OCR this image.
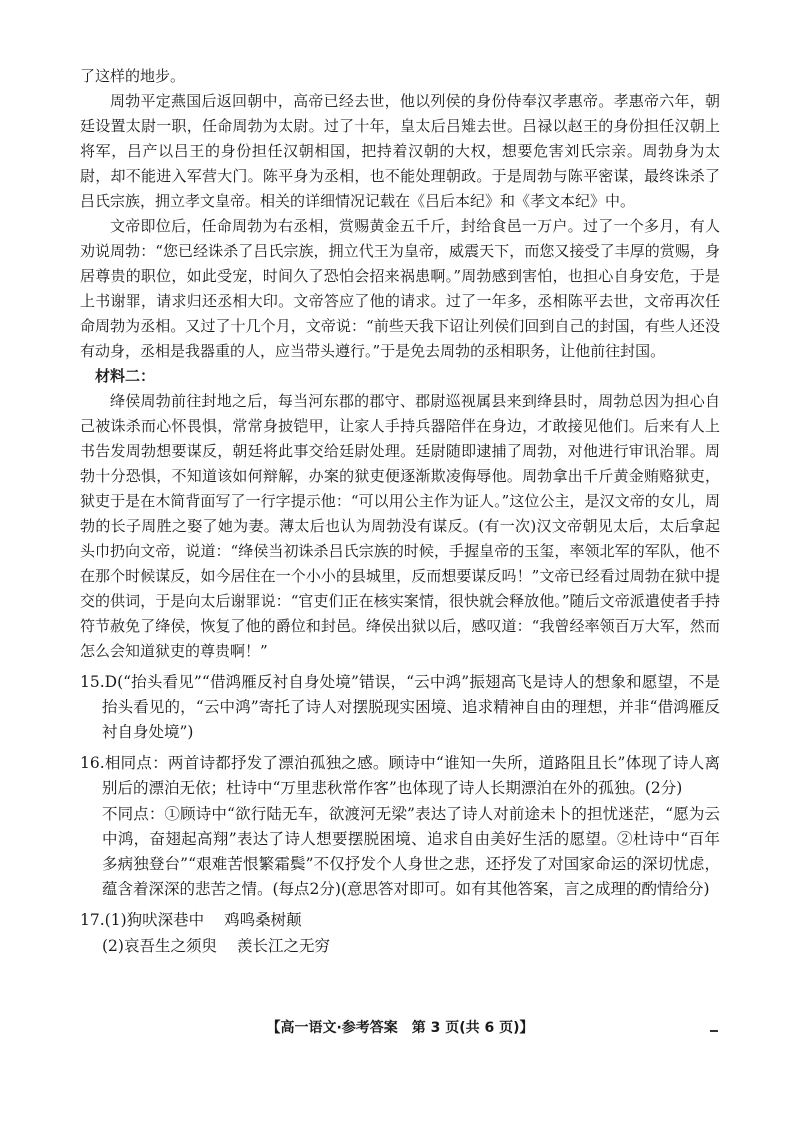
了这样的地步。

周勃平定燕国后返回朝中，高帝已经去世，他以列侯的身份侍奉汉孝惠帝。孝惠帝六年，朝廷设置太尉一职，任命周勃为太尉。过了十年，皇太后吕雉去世。吕禄以赵王的身份担任汉朝上将军，吕产以吕王的身份担任汉朝相国，把持着汉朝的大权，想要危害刘氏宗亲。周勃身为太尉，却不能进入军营大门。陈平身为丞相，也不能处理朝政。于是周勃与陈平密谋，最终诛杀了吕氏宗族，拥立孝文皇帝。相关的详细情况记载在《吕后本纪》和《孝文本纪》中。

文帝即位后，任命周勃为右丞相，赏赐黄金五千斤，封给食邑一万户。过了一个多月，有人劝说周勃：“您已经诛杀了吕氏宗族，拥立代王为皇帝，威震天下，而您又接受了丰厚的赏赐，身居尊贵的职位，如此受宠，时间久了恐怕会招来祸患啊。”周勃感到害怕，也担心自身安危，于是上书谢罪，请求归还丞相大印。文帝答应了他的请求。过了一年多，丞相陈平去世，文帝再次任命周勃为丞相。又过了十几个月，文帝说：“前些天我下诏让列侯们回到自己的封国，有些人还没有动身，丞相是我器重的人，应当带头遵行。”于是免去周勃的丞相职务，让他前往封国。

材料二：

绛侯周勃前往封地之后，每当河东郡的郡守、郡尉巡视属县来到绛县时，周勃总因为担心自己被诛杀而心怀畏惧，常常身披铠甲，让家人手持兵器陪伴在身边，才敢接见他们。后来有人上书告发周勃想要谋反，朝廷将此事交给廷尉处理。廷尉随即逮捕了周勃，对他进行审讯治罪。周勃十分恐惧，不知道该如何辩解，办案的狱吏便逐渐欺凌侮辱他。周勃拿出千斤黄金贿赂狱吏，狱吏于是在木简背面写了一行字提示他：“可以用公主作为证人。”这位公主，是汉文帝的女儿，周勃的长子周胜之娶了她为妻。薄太后也认为周勃没有谋反。(有一次)汉文帝朝见太后，太后拿起头巾扔向文帝，说道：“绛侯当初诛杀吕氏宗族的时候，手握皇帝的玉玺，率领北军的军队，他不在那个时候谋反，如今居住在一个小小的县城里，反而想要谋反吗！”文帝已经看过周勃在狱中提交的供词，于是向太后谢罪说：“官吏们正在核实案情，很快就会释放他。”随后文帝派遣使者手持符节赦免了绛侯，恢复了他的爵位和封邑。绛侯出狱以后，感叹道：“我曾经率领百万大军，然而怎么会知道狱吏的尊贵啊！”

15.D(“抬头看见”“借鸿雁反衬自身处境”错误，“云中鸿”振翅高飞是诗人的想象和愿望，不是抬头看见的，“云中鸿”寄托了诗人对摆脱现实困境、追求精神自由的理想，并非“借鸿雁反衬自身处境”)

16.相同点：两首诗都抒发了漂泊孤独之感。顾诗中“谁知一失所，道路阻且长”体现了诗人离别后的漂泊无依；杜诗中“万里悲秋常作客”也体现了诗人长期漂泊在外的孤独。(2分)

不同点：①顾诗中“欲行陆无车，欲渡河无梁”表达了诗人对前途未卜的担忧迷茫，“愿为云中鸿，奋翅起高翔”表达了诗人想要摆脱困境、追求自由美好生活的愿望。②杜诗中“百年多病独登台”“艰难苦恨繁霜鬓”不仅抒发个人身世之悲，还抒发了对国家命运的深切忧虑，蕴含着深深的悲苦之情。(每点2分)(意思答对即可。如有其他答案，言之成理的酌情给分)

17.(1)狗吠深巷中 鸡鸣桑树颠
(2)哀吾生之须臾 羡长江之无穷
【高一语文·参考答案　第 3 页(共 6 页)】
